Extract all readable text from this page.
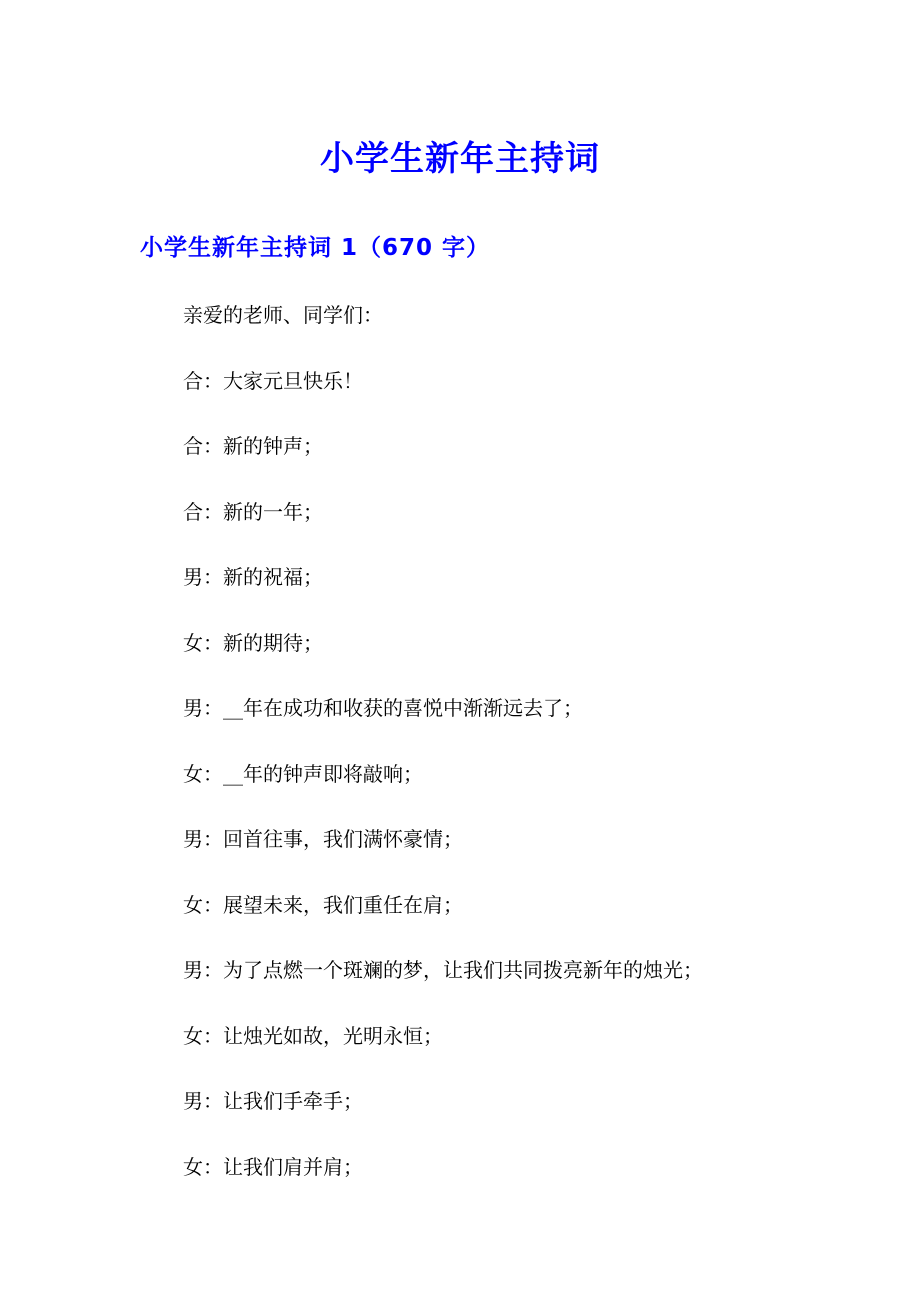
小学生新年主持词
小学生新年主持词 1（670 字）
亲爱的老师、同学们：
合：大家元旦快乐！
合：新的钟声；
合：新的一年；
男：新的祝福；
女：新的期待；
男：__年在成功和收获的喜悦中渐渐远去了；
女：__年的钟声即将敲响；
男：回首往事，我们满怀豪情；
女：展望未来，我们重任在肩；
男：为了点燃一个斑斓的梦，让我们共同拨亮新年的烛光；
女：让烛光如故，光明永恒；
男：让我们手牵手；
女：让我们肩并肩；
